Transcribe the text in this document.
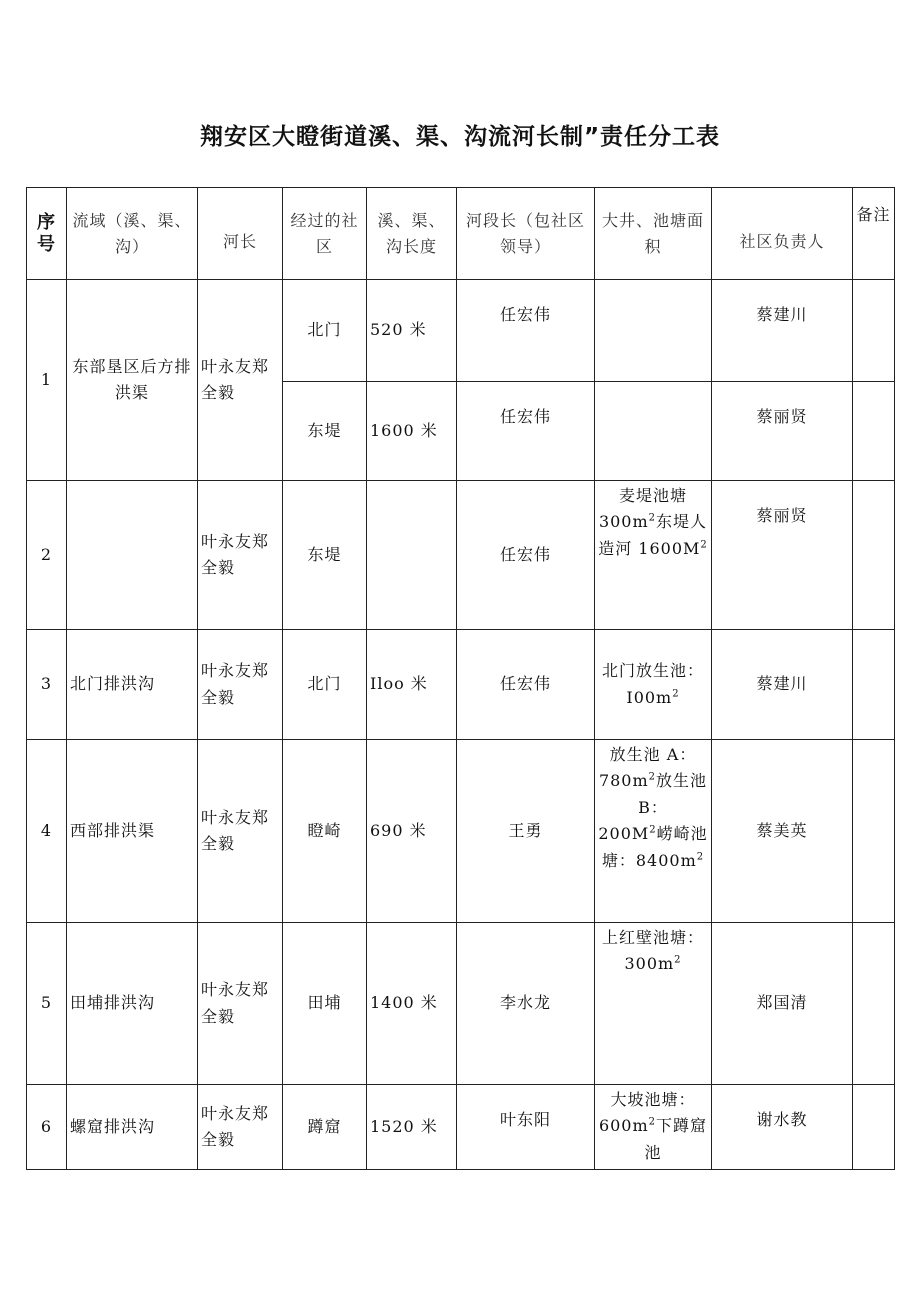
翔安区大瞪街道溪、渠、沟流河长制”责任分工表
序号	流域（溪、渠、沟）	河长	经过的社区	溪、渠、沟长度	河段长（包社区领导）	大井、池塘面积	社区负责人	备注
1	东部垦区后方排洪渠	叶永友郑全毅	北门	520 米	任宏伟		蔡建川	
			东堤	1600 米	任宏伟		蔡丽贤	
2		叶永友郑全毅	东堤		任宏伟	麦堤池塘
$300m^2$东堤人造河 $1600M^2$	蔡丽贤	
3	北门排洪沟	叶永友郑全毅	北门	Iloo 米	任宏伟	北门放生池：
$I00m^2$	蔡建川	
4	西部排洪渠	叶永友郑全毅	瞪崎	690 米	王勇	放生池 A：
$780m^2$放生池B：
$200M^2$崂崎池塘：$8400m^2$	蔡美英	
5	田埔排洪沟	叶永友郑全毅	田埔	1400 米	李水龙	上红壁池塘：
$300m^2$	郑国清	
6	螺窟排洪沟	叶永友郑全毅	蹲窟	1520 米	叶东阳	大坡池塘：
$600m^2$下蹲窟池	谢水教	
